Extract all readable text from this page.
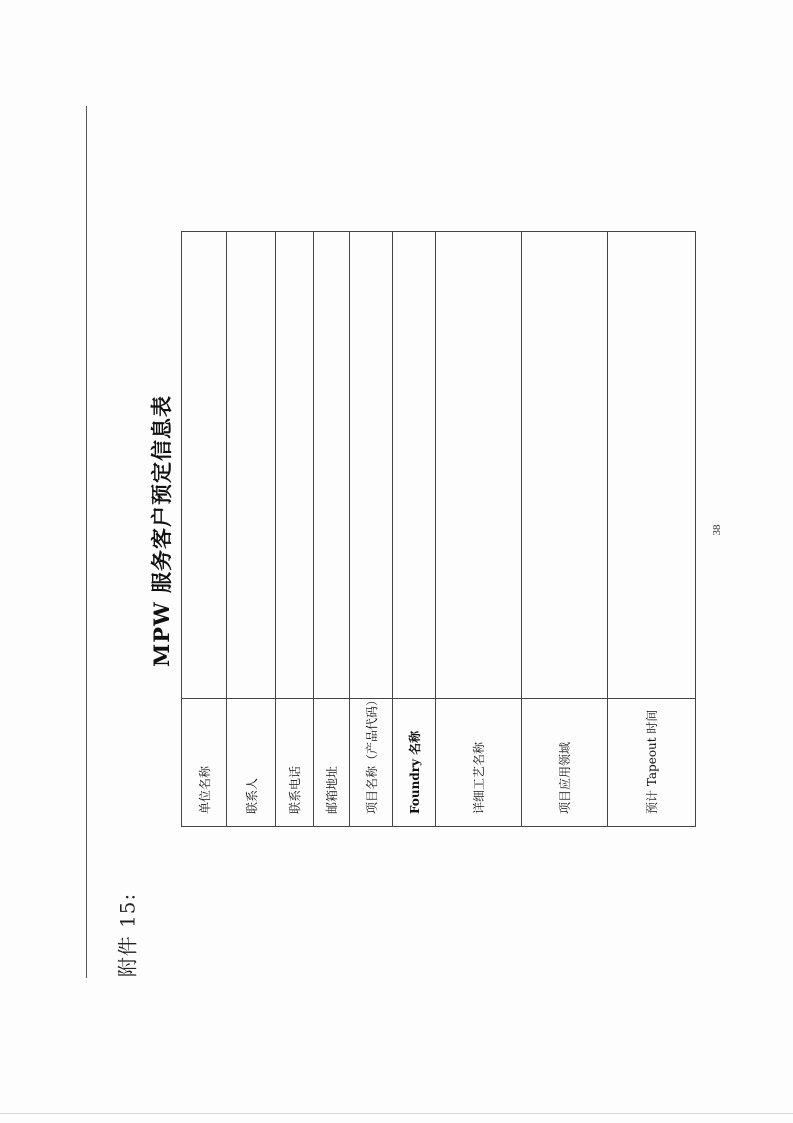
附件 15:
MPW 服务客户预定信息表
单位名称	
联系人	
联系电话	
邮箱地址	
项目名称（产品代码）	
Foundry 名称	
详细工艺名称	
项目应用领域	
预计 Tapeout 时间	
38
